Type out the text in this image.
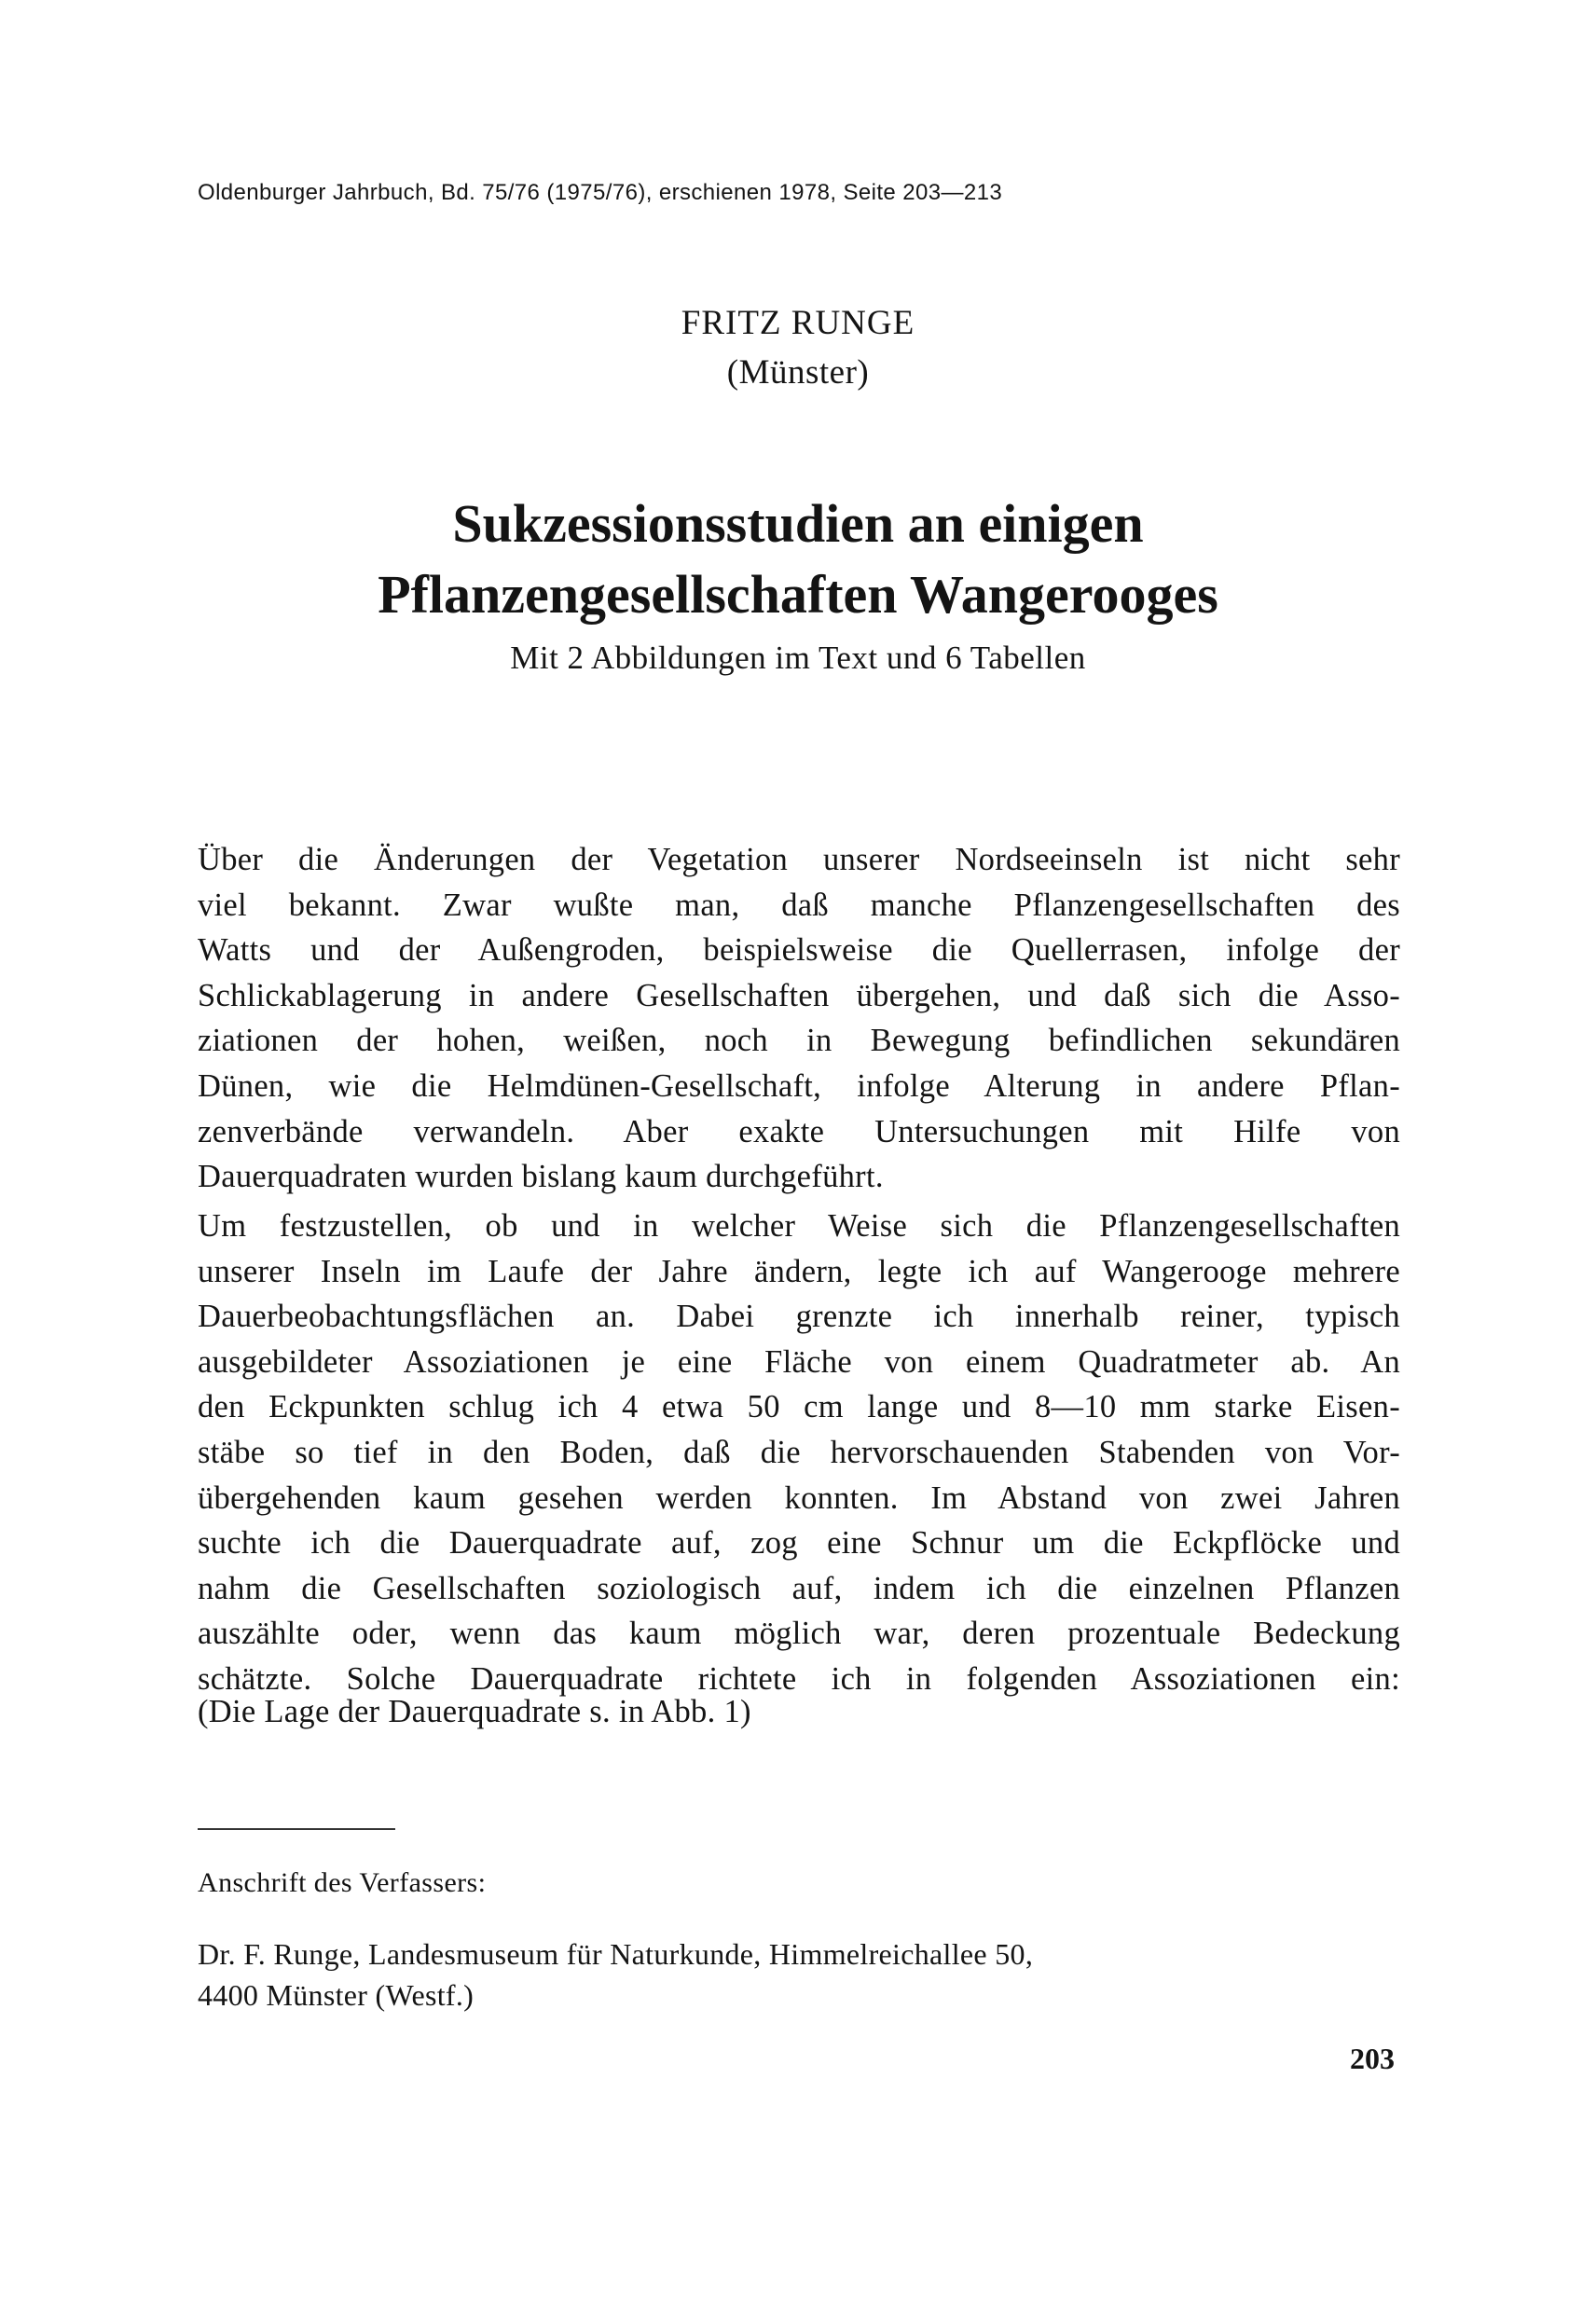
Oldenburger Jahrbuch, Bd. 75/76 (1975/76), erschienen 1978, Seite 203—213
FRITZ RUNGE
(Münster)
Sukzessionsstudien an einigen
Pflanzengesellschaften Wangerooges
Mit 2 Abbildungen im Text und 6 Tabellen
Über die Änderungen der Vegetation unserer Nordseeinseln ist nicht sehr
viel bekannt. Zwar wußte man, daß manche Pflanzengesellschaften des
Watts und der Außengroden, beispielsweise die Quellerrasen, infolge der
Schlickablagerung in andere Gesellschaften übergehen, und daß sich die Asso-
ziationen der hohen, weißen, noch in Bewegung befindlichen sekundären
Dünen, wie die Helmdünen-Gesellschaft, infolge Alterung in andere Pflan-
zenverbände verwandeln. Aber exakte Untersuchungen mit Hilfe von
Dauerquadraten wurden bislang kaum durchgeführt.
Um festzustellen, ob und in welcher Weise sich die Pflanzengesellschaften
unserer Inseln im Laufe der Jahre ändern, legte ich auf Wangerooge mehrere
Dauerbeobachtungsflächen an. Dabei grenzte ich innerhalb reiner, typisch
ausgebildeter Assoziationen je eine Fläche von einem Quadratmeter ab. An
den Eckpunkten schlug ich 4 etwa 50 cm lange und 8—10 mm starke Eisen-
stäbe so tief in den Boden, daß die hervorschauenden Stabenden von Vor-
übergehenden kaum gesehen werden konnten. Im Abstand von zwei Jahren
suchte ich die Dauerquadrate auf, zog eine Schnur um die Eckpflöcke und
nahm die Gesellschaften soziologisch auf, indem ich die einzelnen Pflanzen
auszählte oder, wenn das kaum möglich war, deren prozentuale Bedeckung
schätzte. Solche Dauerquadrate richtete ich in folgenden Assoziationen ein:
(Die Lage der Dauerquadrate s. in Abb. 1)
Anschrift des Verfassers:
Dr. F. Runge, Landesmuseum für Naturkunde, Himmelreichallee 50,
4400 Münster (Westf.)
203
